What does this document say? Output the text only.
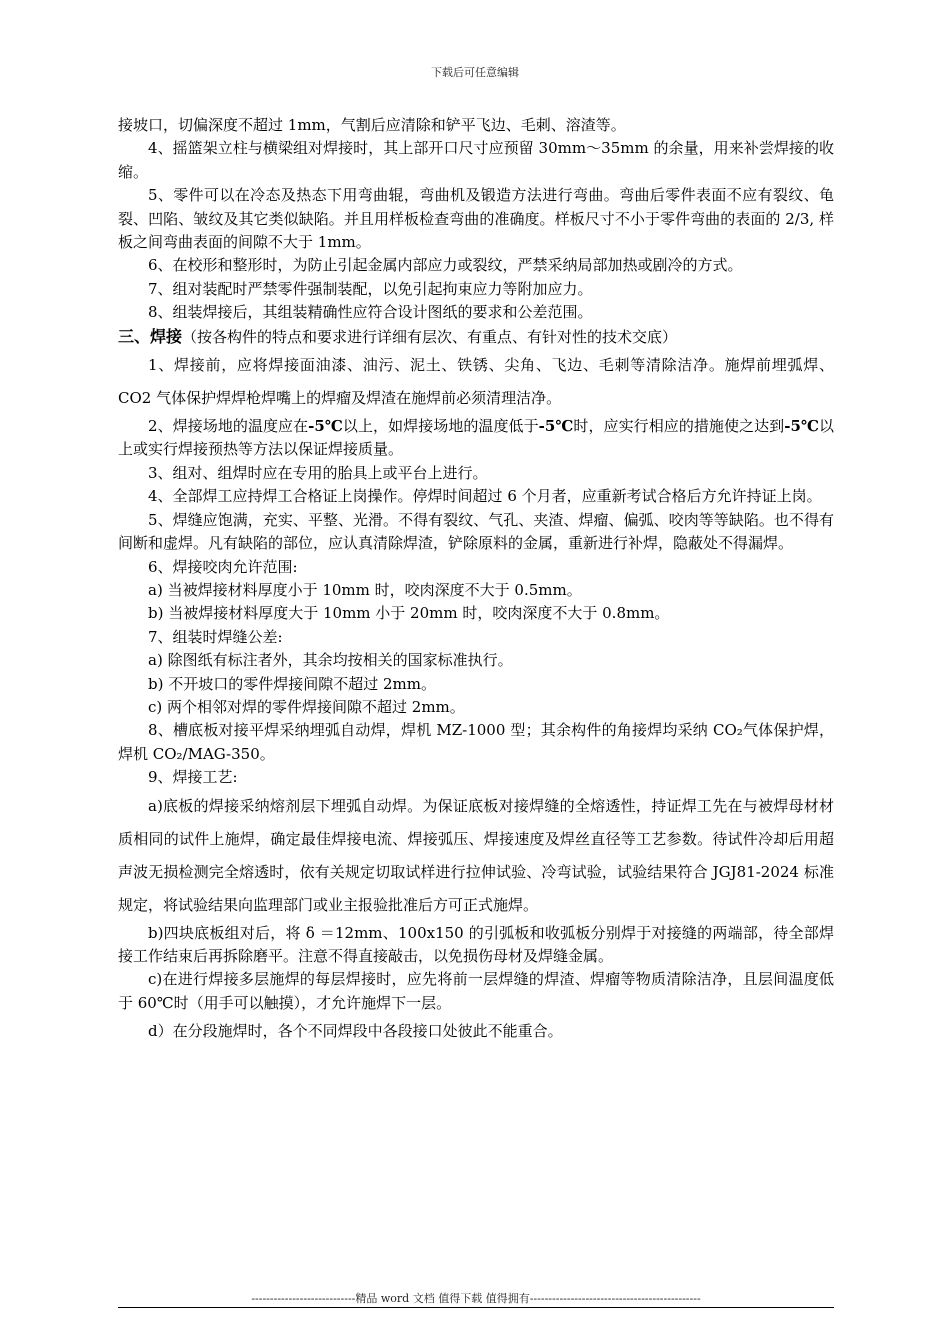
下载后可任意编辑

接坡口，切偏深度不超过 1mm，气割后应清除和铲平飞边、毛刺、溶渣等。

4、摇篮架立柱与横梁组对焊接时，其上部开口尺寸应预留 30mm～35mm 的余量，用来补尝焊接的收缩。

5、零件可以在冷态及热态下用弯曲辊，弯曲机及锻造方法进行弯曲。弯曲后零件表面不应有裂纹、龟裂、凹陷、皱纹及其它类似缺陷。并且用样板检查弯曲的准确度。样板尺寸不小于零件弯曲的表面的 2/3, 样板之间弯曲表面的间隙不大于 1mm。

6、在校形和整形时，为防止引起金属内部应力或裂纹，严禁采纳局部加热或剧冷的方式。

7、组对装配时严禁零件强制装配，以免引起拘束应力等附加应力。

8、组装焊接后，其组装精确性应符合设计图纸的要求和公差范围。

三、焊接（按各构件的特点和要求进行详细有层次、有重点、有针对性的技术交底）

1、焊接前，应将焊接面油漆、油污、泥土、铁锈、尖角、飞边、毛刺等清除洁净。施焊前埋弧焊、CO2 气体保护焊焊枪焊嘴上的焊瘤及焊渣在施焊前必须清理洁净。

2、焊接场地的温度应在-5℃以上，如焊接场地的温度低于-5℃时，应实行相应的措施使之达到-5℃以上或实行焊接预热等方法以保证焊接质量。

3、组对、组焊时应在专用的胎具上或平台上进行。

4、全部焊工应持焊工合格证上岗操作。停焊时间超过 6 个月者，应重新考试合格后方允许持证上岗。

5、焊缝应饱满，充实、平整、光滑。不得有裂纹、气孔、夹渣、焊瘤、偏弧、咬肉等等缺陷。也不得有间断和虚焊。凡有缺陷的部位，应认真清除焊渣，铲除原料的金属，重新进行补焊，隐蔽处不得漏焊。

6、焊接咬肉允许范围:

a) 当被焊接材料厚度小于 10mm 时，咬肉深度不大于 0.5mm。

b) 当被焊接材料厚度大于 10mm 小于 20mm 时，咬肉深度不大于 0.8mm。

7、组装时焊缝公差:

a) 除图纸有标注者外，其余均按相关的国家标准执行。

b) 不开坡口的零件焊接间隙不超过 2mm。

c) 两个相邻对焊的零件焊接间隙不超过 2mm。

8、槽底板对接平焊采纳埋弧自动焊，焊机 MZ-1000 型；其余构件的角接焊均采纳 CO₂气体保护焊，焊机 CO₂/MAG-350。

9、焊接工艺:

a)底板的焊接采纳熔剂层下埋弧自动焊。为保证底板对接焊缝的全熔透性，持证焊工先在与被焊母材材质相同的试件上施焊，确定最佳焊接电流、焊接弧压、焊接速度及焊丝直径等工艺参数。待试件冷却后用超声波无损检测完全熔透时，依有关规定切取试样进行拉伸试验、冷弯试验，试验结果符合 JGJ81-2024 标准规定，将试验结果向监理部门或业主报验批准后方可正式施焊。

b)四块底板组对后，将 δ ＝12mm、100x150 的引弧板和收弧板分别焊于对接缝的两端部，待全部焊接工作结束后再拆除磨平。注意不得直接敲击，以免损伤母材及焊缝金属。

c)在进行焊接多层施焊的每层焊接时，应先将前一层焊缝的焊渣、焊瘤等物质清除洁净，且层间温度低于 60℃时（用手可以触摸），才允许施焊下一层。

d）在分段施焊时，各个不同焊段中各段接口处彼此不能重合。

----------------------------精品 word 文档 值得下载 值得拥有----------------------------------------------
